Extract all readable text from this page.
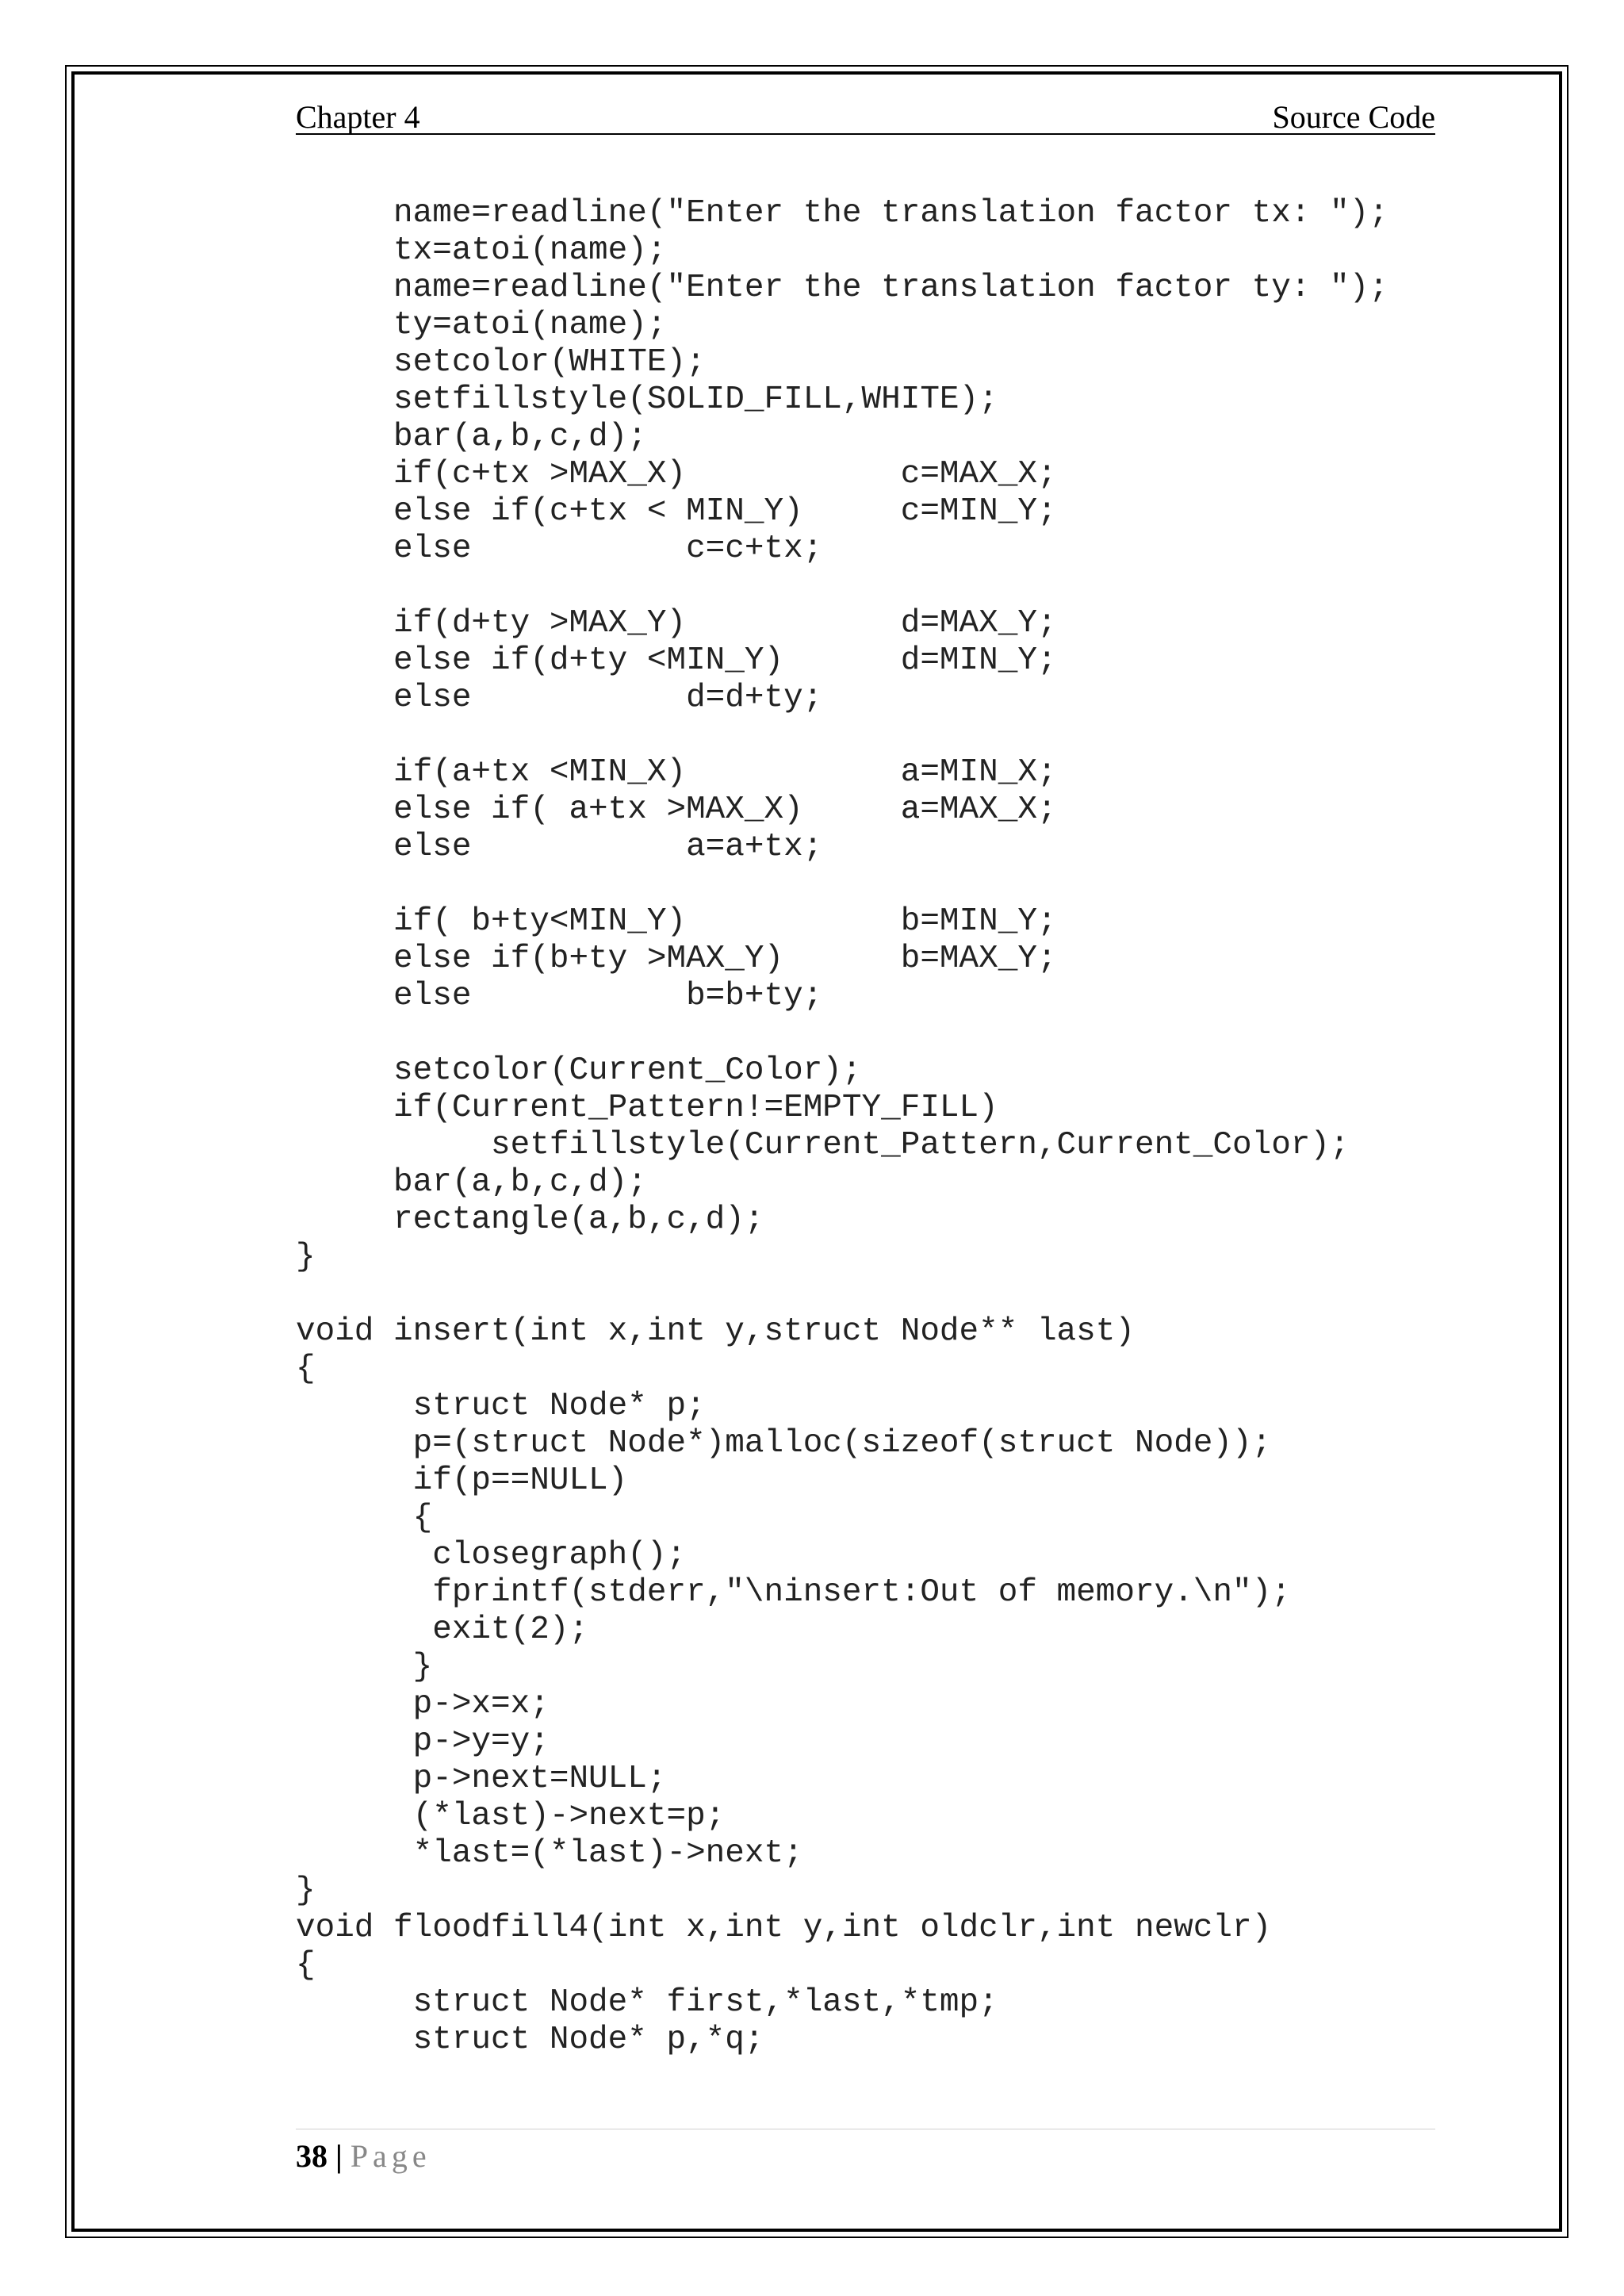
Chapter 4	Source Code
name=readline("Enter the translation factor tx: ");
tx=atoi(name);
name=readline("Enter the translation factor ty: ");
ty=atoi(name);
setcolor(WHITE);
setfillstyle(SOLID_FILL,WHITE);
bar(a,b,c,d);
if(c+tx >MAX_X)           c=MAX_X;
else if(c+tx < MIN_Y)     c=MIN_Y;
else           c=c+tx;
if(d+ty >MAX_Y)           d=MAX_Y;
else if(d+ty <MIN_Y)      d=MIN_Y;
else           d=d+ty;
if(a+tx <MIN_X)           a=MIN_X;
else if( a+tx >MAX_X)     a=MAX_X;
else           a=a+tx;
if( b+ty<MIN_Y)           b=MIN_Y;
else if(b+ty >MAX_Y)      b=MAX_Y;
else           b=b+ty;
setcolor(Current_Color);
if(Current_Pattern!=EMPTY_FILL)
setfillstyle(Current_Pattern,Current_Color);
bar(a,b,c,d);
rectangle(a,b,c,d);
}
void insert(int x,int y,struct Node** last)
{
struct Node* p;
p=(struct Node*)malloc(sizeof(struct Node));
if(p==NULL)
{
closegraph();
fprintf(stderr,"\ninsert:Out of memory.\n");
exit(2);
}
p->x=x;
p->y=y;
p->next=NULL;
(*last)->next=p;
*last=(*last)->next;
}
void floodfill4(int x,int y,int oldclr,int newclr)
{
struct Node* first,*last,*tmp;
struct Node* p,*q;
38 | Page
